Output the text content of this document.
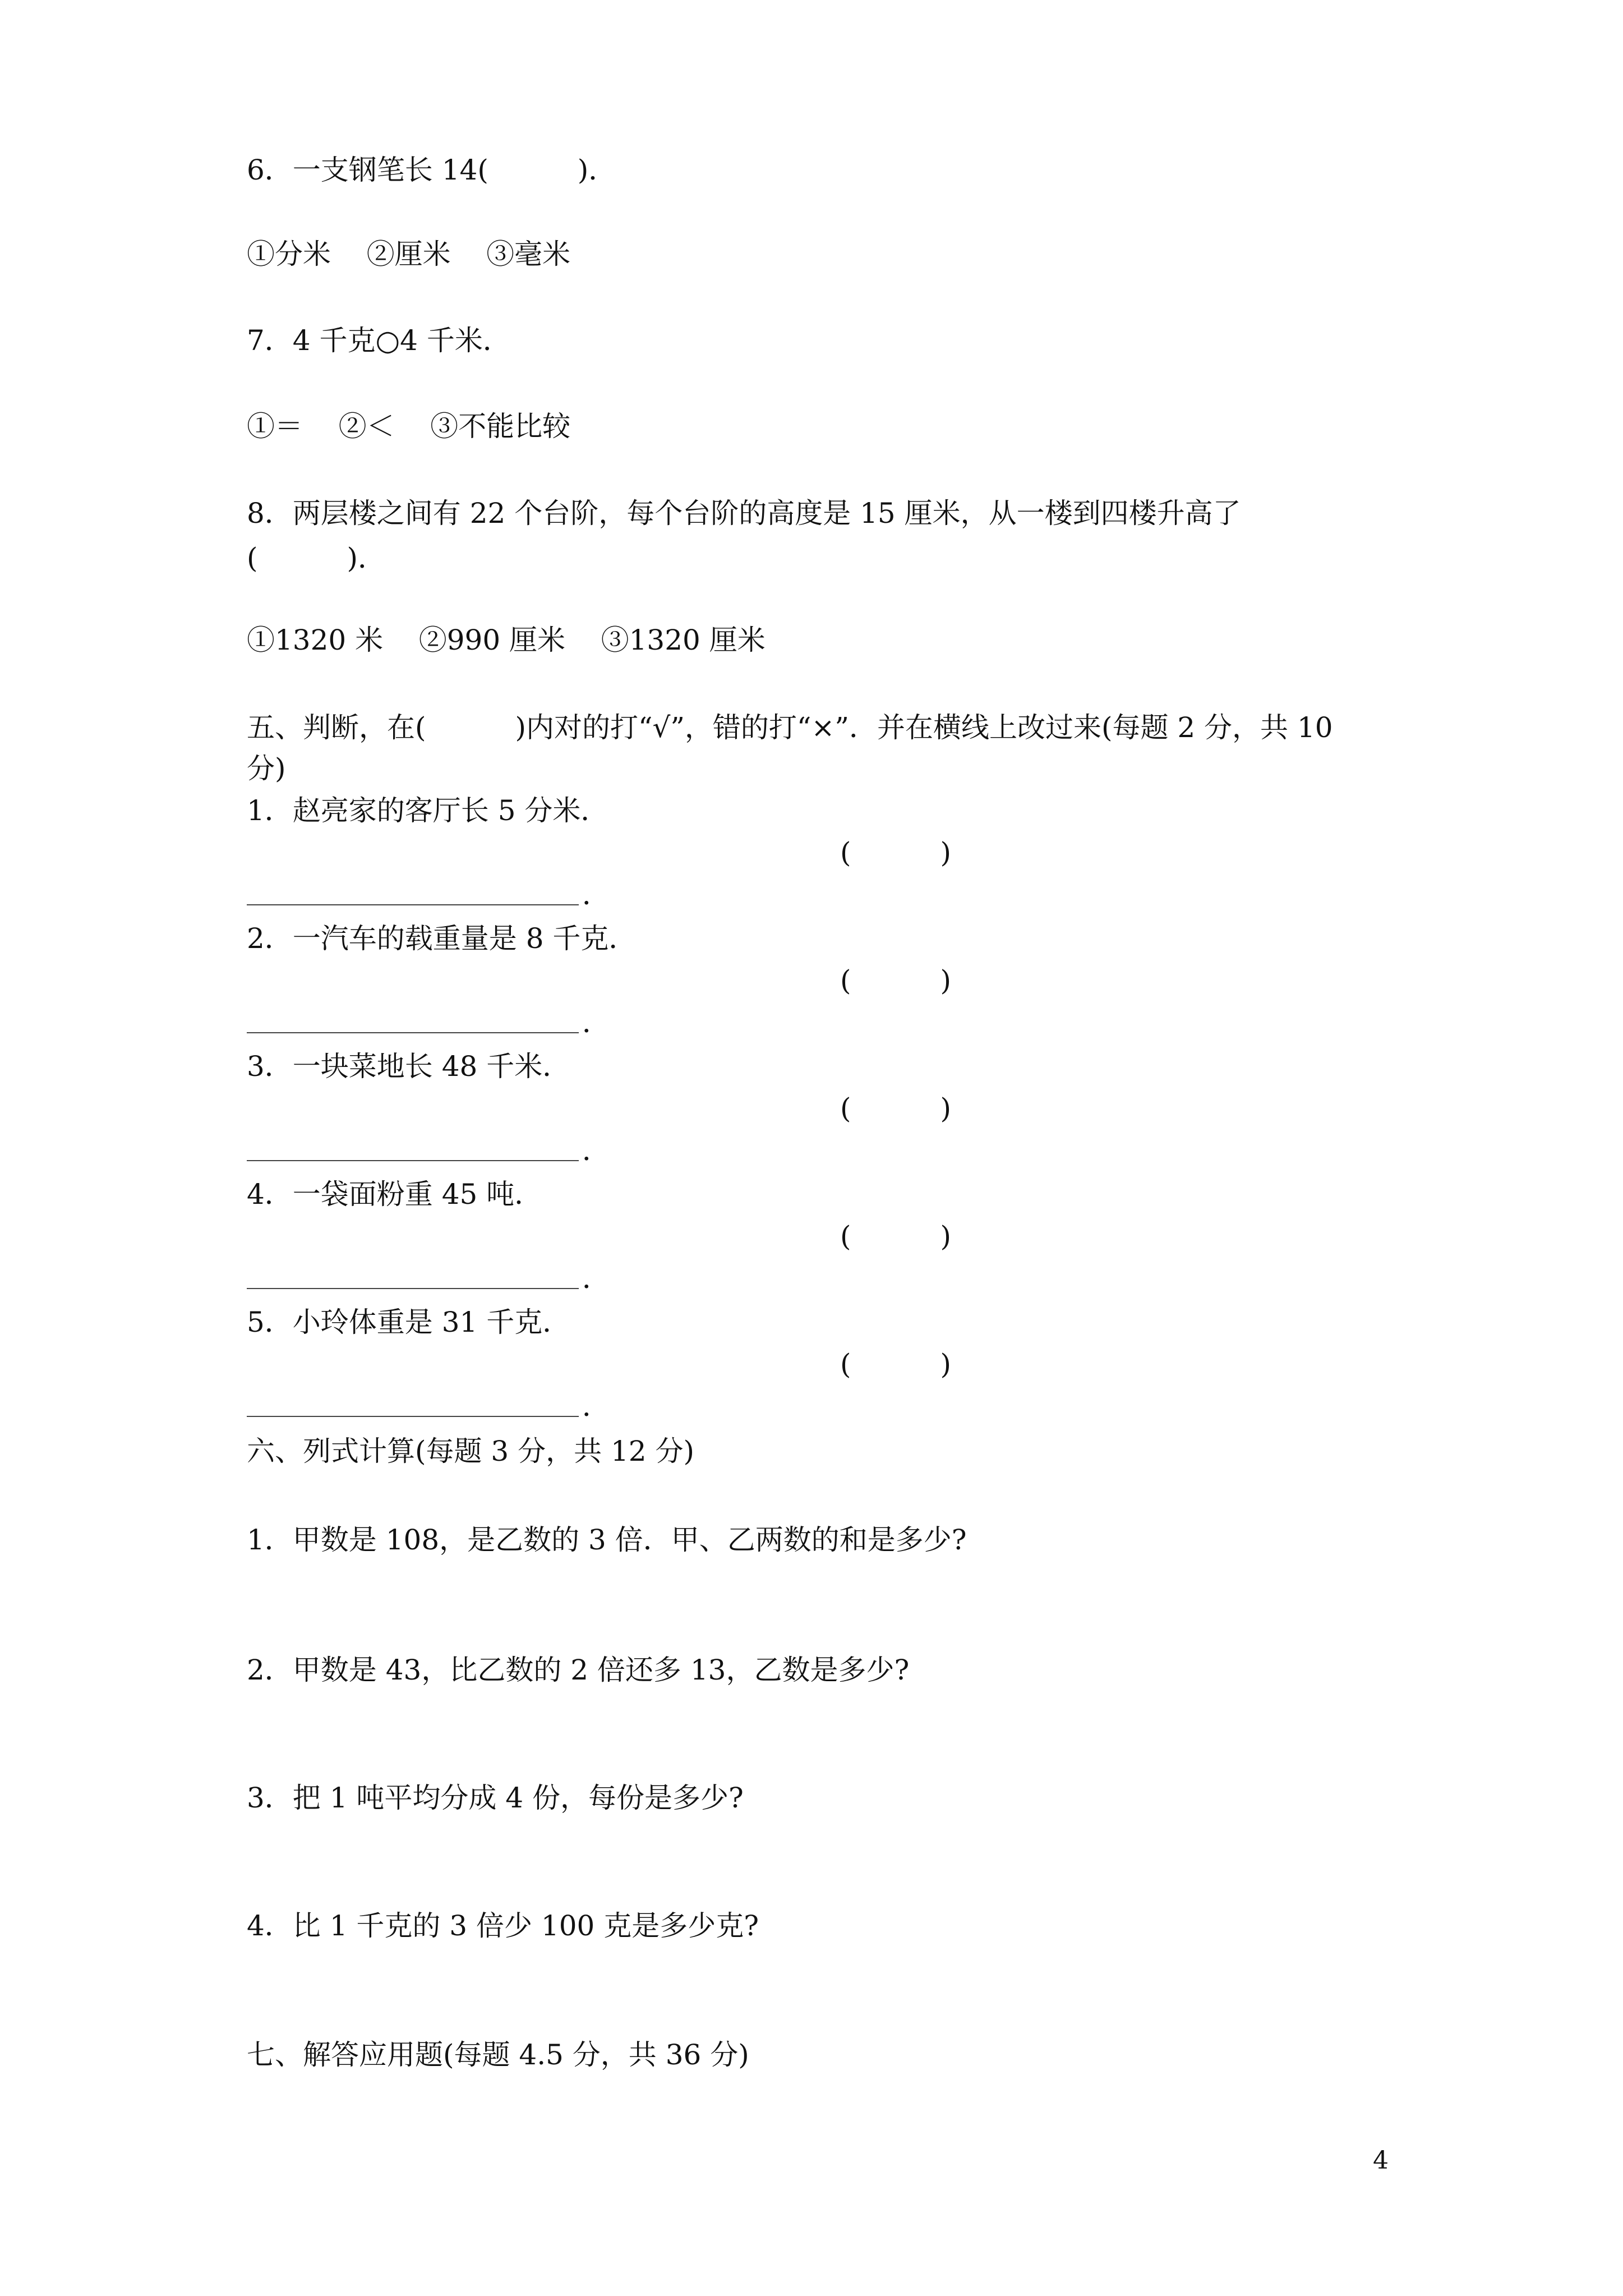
6．一支钢笔长 14(          )．

①分米    ②厘米    ③毫米

7．4 千克○4 千米．

①＝    ②＜    ③不能比较

8．两层楼之间有 22 个台阶，每个台阶的高度是 15 厘米，从一楼到四楼升高了

(          )．

①1320 米    ②990 厘米    ③1320 厘米

五、判断，在(          )内对的打“√”，错的打“×”．并在横线上改过来(每题 2 分，共 10

分)

1．赵亮家的客厅长 5 分米．

(          )
．

2．一汽车的载重量是 8 千克．

(          )
．

3．一块菜地长 48 千米．

(          )
．

4．一袋面粉重 45 吨．

(          )
．

5．小玲体重是 31 千克．

(          )
．

六、列式计算(每题 3 分，共 12 分)

1．甲数是 108，是乙数的 3 倍．甲、乙两数的和是多少?

2．甲数是 43，比乙数的 2 倍还多 13，乙数是多少?

3．把 1 吨平均分成 4 份，每份是多少?

4．比 1 千克的 3 倍少 100 克是多少克?

七、解答应用题(每题 4.5 分，共 36 分)

4
